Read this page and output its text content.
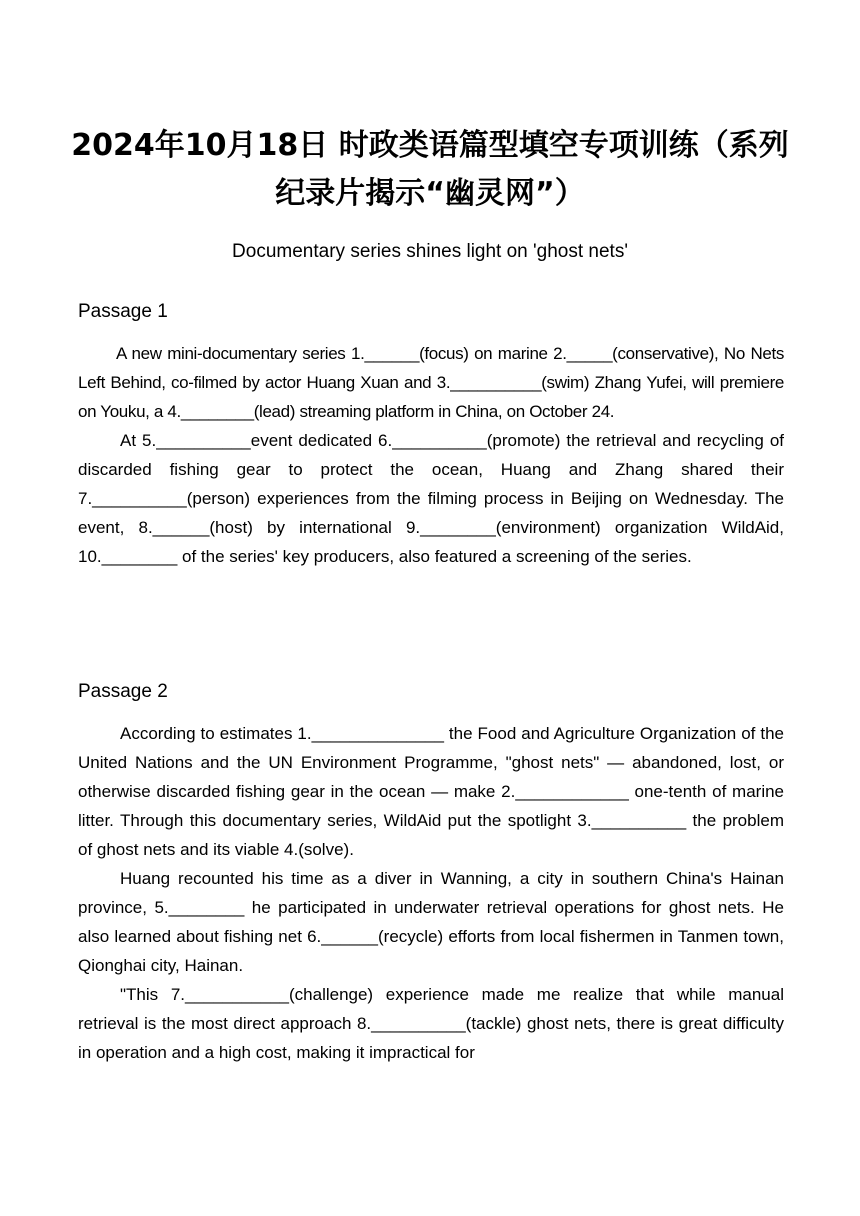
2024年10月18日 时政类语篇型填空专项训练（系列纪录片揭示“幽灵网”）
Documentary series shines light on 'ghost nets'
Passage 1

A new mini-documentary series 1.______(focus) on marine 2._____(conservative), No Nets Left Behind, co-filmed by actor Huang Xuan and 3.__________(swim) Zhang Yufei, will premiere on Youku, a 4.________(lead) streaming platform in China, on October 24.

At 5.__________event dedicated 6.__________(promote) the retrieval and recycling of discarded fishing gear to protect the ocean, Huang and Zhang shared their 7.__________(person) experiences from the filming process in Beijing on Wednesday. The event, 8.______(host) by international 9.________(environment) organization WildAid, 10.________ of the series' key producers, also featured a screening of the series.

Passage 2

According to estimates 1.______________ the Food and Agriculture Organization of the United Nations and the UN Environment Programme, "ghost nets" — abandoned, lost, or otherwise discarded fishing gear in the ocean — make 2.____________ one-tenth of marine litter. Through this documentary series, WildAid put the spotlight 3.__________ the problem of ghost nets and its viable 4.(solve).

Huang recounted his time as a diver in Wanning, a city in southern China's Hainan province, 5.________ he participated in underwater retrieval operations for ghost nets. He also learned about fishing net 6.______(recycle) efforts from local fishermen in Tanmen town, Qionghai city, Hainan.

"This 7.___________(challenge) experience made me realize that while manual retrieval is the most direct approach 8.__________(tackle) ghost nets, there is great difficulty in operation and a high cost, making it impractical for
